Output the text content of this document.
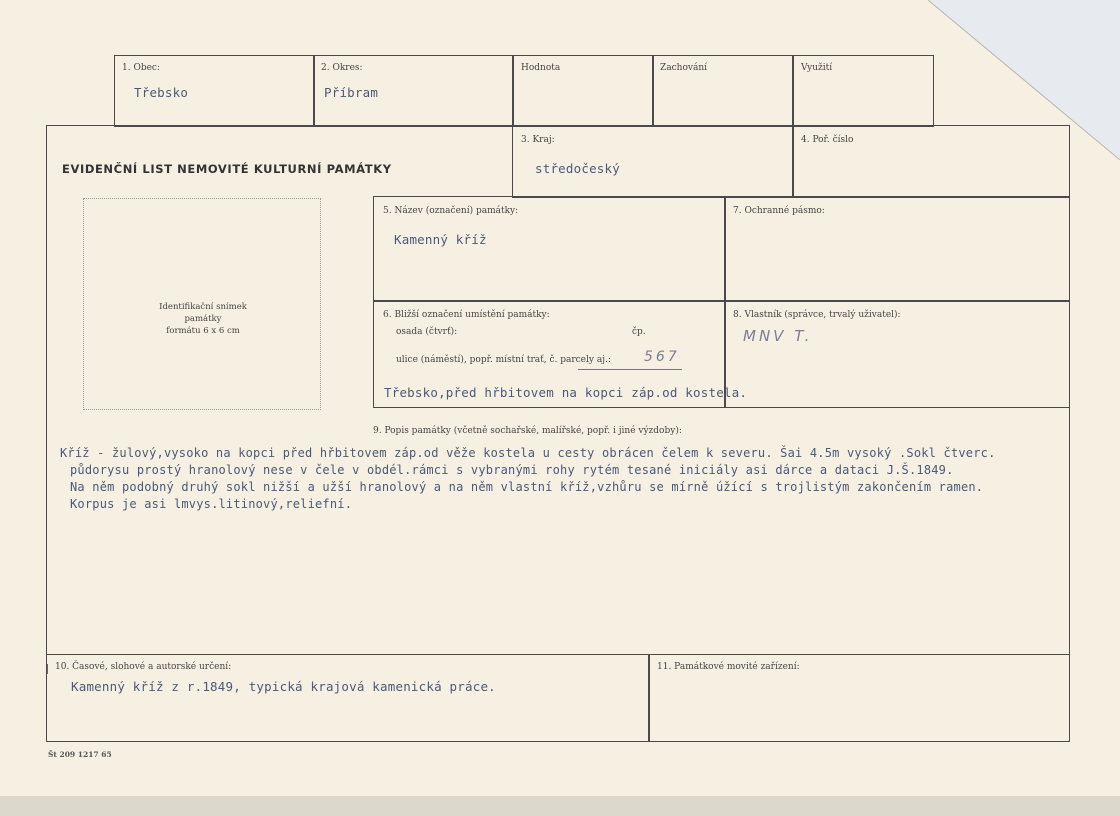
1. Obec:
Třebsko
2. Okres:
Příbram
Hodnota	Zachování	Využití
EVIDENČNÍ LIST NEMOVITÉ KULTURNÍ PAMÁTKY
3. Kraj:
středočeský
4. Poř. číslo
Identifikační snímek
památky
formátu 6 x 6 cm
5. Název (označení) památky:
Kamenný kříž
7. Ochranné pásmo:
6. Bližší označení umístění památky:
osada (čtvrť):	čp.
ulice (náměstí), popř. místní trať, č. parcely aj.: 567
Třebsko,před hřbitovem na kopci záp.od kostela.
8. Vlastník (správce, trvalý uživatel):
MNV T.
9. Popis památky (včetně sochařské, malířské, popř. i jiné výzdoby):
Kříž - žulový,vysoko na kopci před hřbitovem záp.od věže kostela u cesty obrácen čelem k severu. Šai 4.5m vysoký .Sokl čtverc.
půdorysu prostý hranolový nese v čele v obdél.rámci s vybranými rohy rytém tesané iniciály asi dárce a dataci J.Š.1849.
Na něm podobný druhý sokl nižší a užší hranolový a na něm vlastní kříž,vzhůru se mírně úžící s trojlistým zakončením ramen.
Korpus je asi lmvys.litinový,reliefní.
10. Časové, slohové a autorské určení:
Kamenný kříž z r.1849, typická krajová kamenická práce.
11. Památkové movité zařízení:
Št 209 1217 65
